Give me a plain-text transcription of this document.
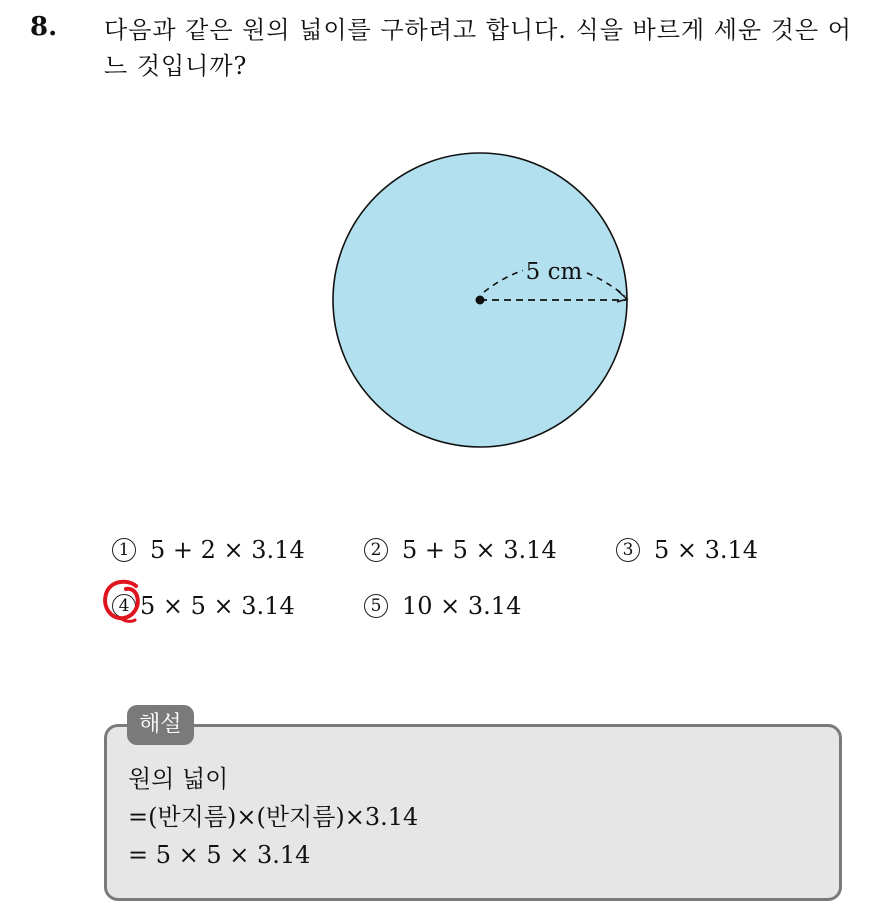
8. 다음과 같은 원의 넓이를 구하려고 합니다. 식을 바르게 세운 것은 어느 것입니까?
5 cm
1 5 + 2 × 3.14	2 5 + 5 × 3.14	3 5 × 3.14
4 5 × 5 × 3.14	5 10 × 3.14
해설
원의 넓이
=(반지름)×(반지름)×3.14
= 5 × 5 × 3.14
